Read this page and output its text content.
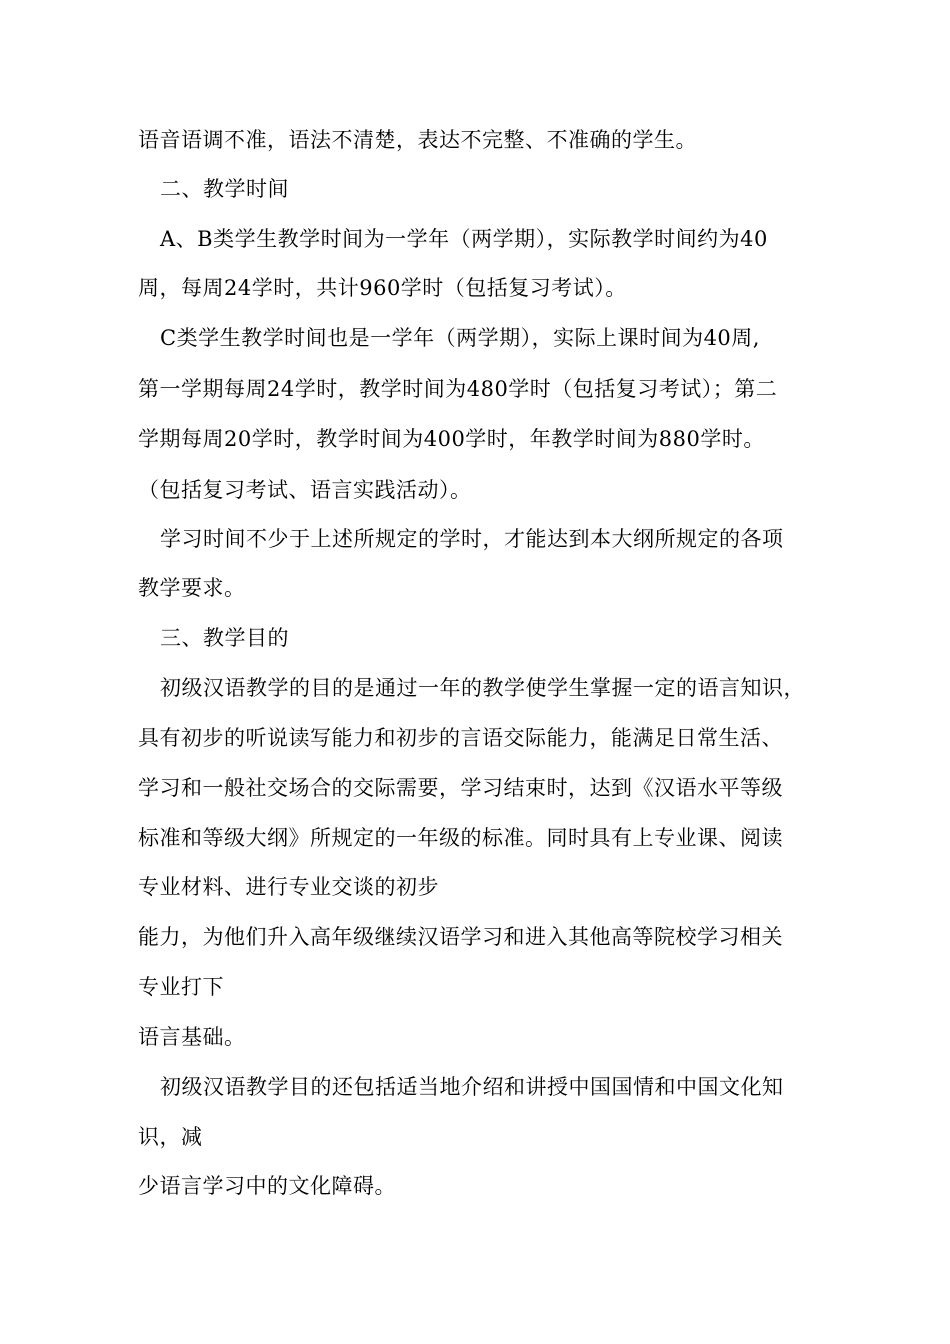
语音语调不准，语法不清楚，表达不完整、不准确的学生。
二、教学时间
A、B类学生教学时间为一学年（两学期），实际教学时间约为40
周，每周24学时，共计960学时（包括复习考试）。
C类学生教学时间也是一学年（两学期），实际上课时间为40周,
第一学期每周24学时，教学时间为480学时（包括复习考试）；第二
学期每周20学时，教学时间为400学时，年教学时间为880学时。
（包括复习考试、语言实践活动）。
学习时间不少于上述所规定的学时，才能达到本大纲所规定的各项
教学要求。
三、教学目的
初级汉语教学的目的是通过一年的教学使学生掌握一定的语言知识，
具有初步的听说读写能力和初步的言语交际能力，能满足日常生活、
学习和一般社交场合的交际需要，学习结束时，达到《汉语水平等级
标准和等级大纲》所规定的一年级的标准。同时具有上专业课、阅读
专业材料、进行专业交谈的初步
能力，为他们升入高年级继续汉语学习和进入其他高等院校学习相关
专业打下
语言基础。
初级汉语教学目的还包括适当地介绍和讲授中国国情和中国文化知
识，减
少语言学习中的文化障碍。
